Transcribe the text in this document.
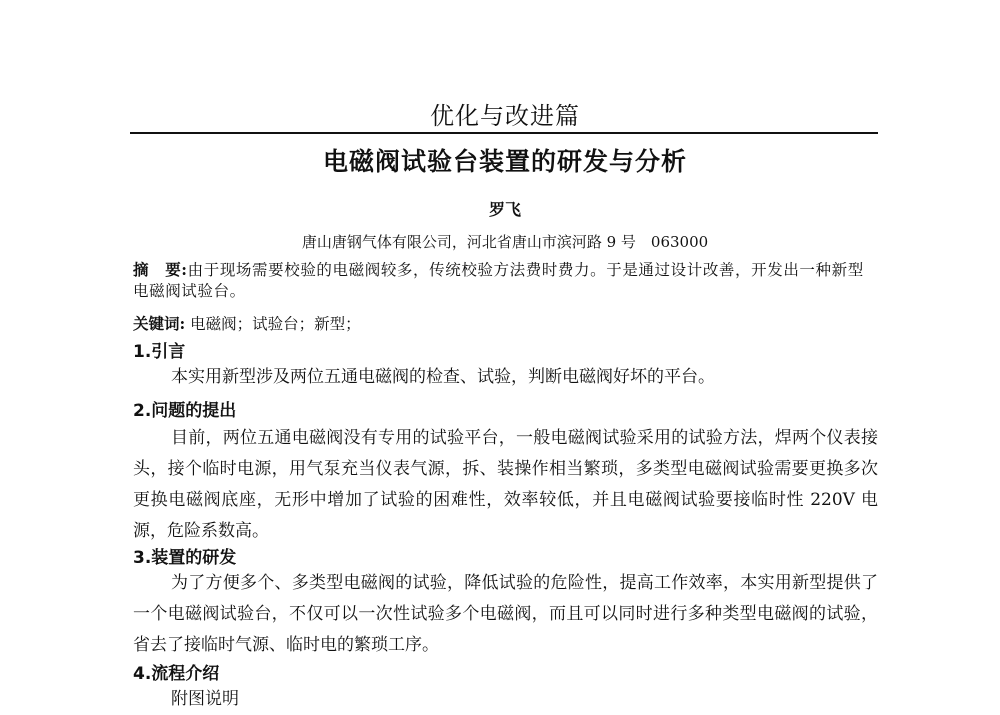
优化与改进篇
电磁阀试验台装置的研发与分析
罗飞
唐山唐钢气体有限公司，河北省唐山市滨河路 9 号　063000
摘　要:由于现场需要校验的电磁阀较多，传统校验方法费时费力。于是通过设计改善，开发出一种新型电磁阀试验台。
关键词: 电磁阀；试验台；新型；
1.引言
本实用新型涉及两位五通电磁阀的检查、试验，判断电磁阀好坏的平台。
2.问题的提出
目前，两位五通电磁阀没有专用的试验平台，一般电磁阀试验采用的试验方法，焊两个仪表接头，接个临时电源，用气泵充当仪表气源，拆、装操作相当繁琐，多类型电磁阀试验需要更换多次更换电磁阀底座，无形中增加了试验的困难性，效率较低，并且电磁阀试验要接临时性 220V 电源，危险系数高。
3.装置的研发
为了方便多个、多类型电磁阀的试验，降低试验的危险性，提高工作效率，本实用新型提供了一个电磁阀试验台，不仅可以一次性试验多个电磁阀，而且可以同时进行多种类型电磁阀的试验，省去了接临时气源、临时电的繁琐工序。
4.流程介绍
附图说明
